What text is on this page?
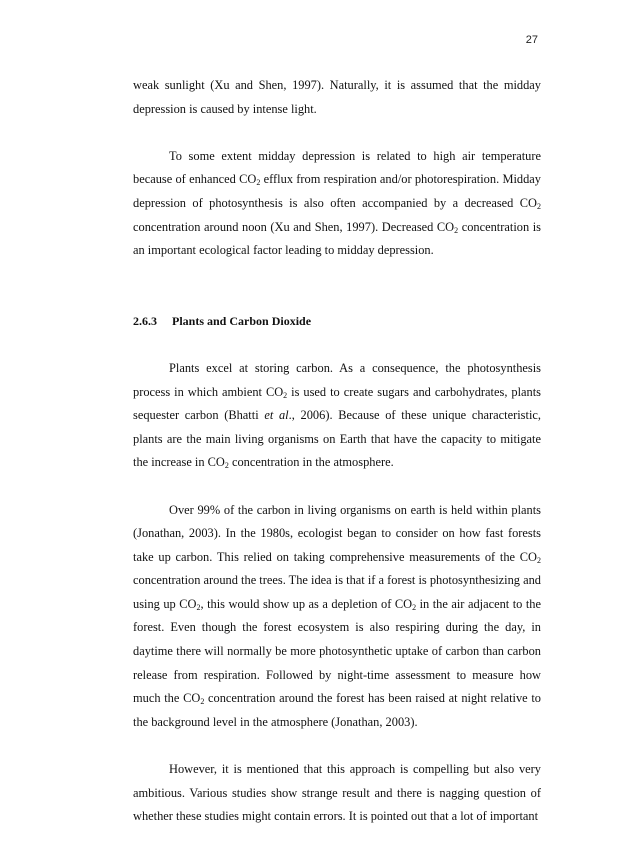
27

weak sunlight (Xu and Shen, 1997). Naturally, it is assumed that the midday depression is caused by intense light.

To some extent midday depression is related to high air temperature because of enhanced $CO_2$ efflux from respiration and/or photorespiration. Midday depression of photosynthesis is also often accompanied by a decreased $CO_2$ concentration around noon (Xu and Shen, 1997). Decreased $CO_2$ concentration is an important ecological factor leading to midday depression.

2.6.3 Plants and Carbon Dioxide

Plants excel at storing carbon. As a consequence, the photosynthesis process in which ambient $CO_2$ is used to create sugars and carbohydrates, plants sequester carbon (Bhatti et al., 2006). Because of these unique characteristic, plants are the main living organisms on Earth that have the capacity to mitigate the increase in $CO_2$ concentration in the atmosphere.

Over 99% of the carbon in living organisms on earth is held within plants (Jonathan, 2003). In the 1980s, ecologist began to consider on how fast forests take up carbon. This relied on taking comprehensive measurements of the $CO_2$ concentration around the trees. The idea is that if a forest is photosynthesizing and using up $CO_2$, this would show up as a depletion of $CO_2$ in the air adjacent to the forest. Even though the forest ecosystem is also respiring during the day, in daytime there will normally be more photosynthetic uptake of carbon than carbon release from respiration. Followed by night-time assessment to measure how much the $CO_2$ concentration around the forest has been raised at night relative to the background level in the atmosphere (Jonathan, 2003).

However, it is mentioned that this approach is compelling but also very ambitious. Various studies show strange result and there is nagging question of whether these studies might contain errors. It is pointed out that a lot of important
